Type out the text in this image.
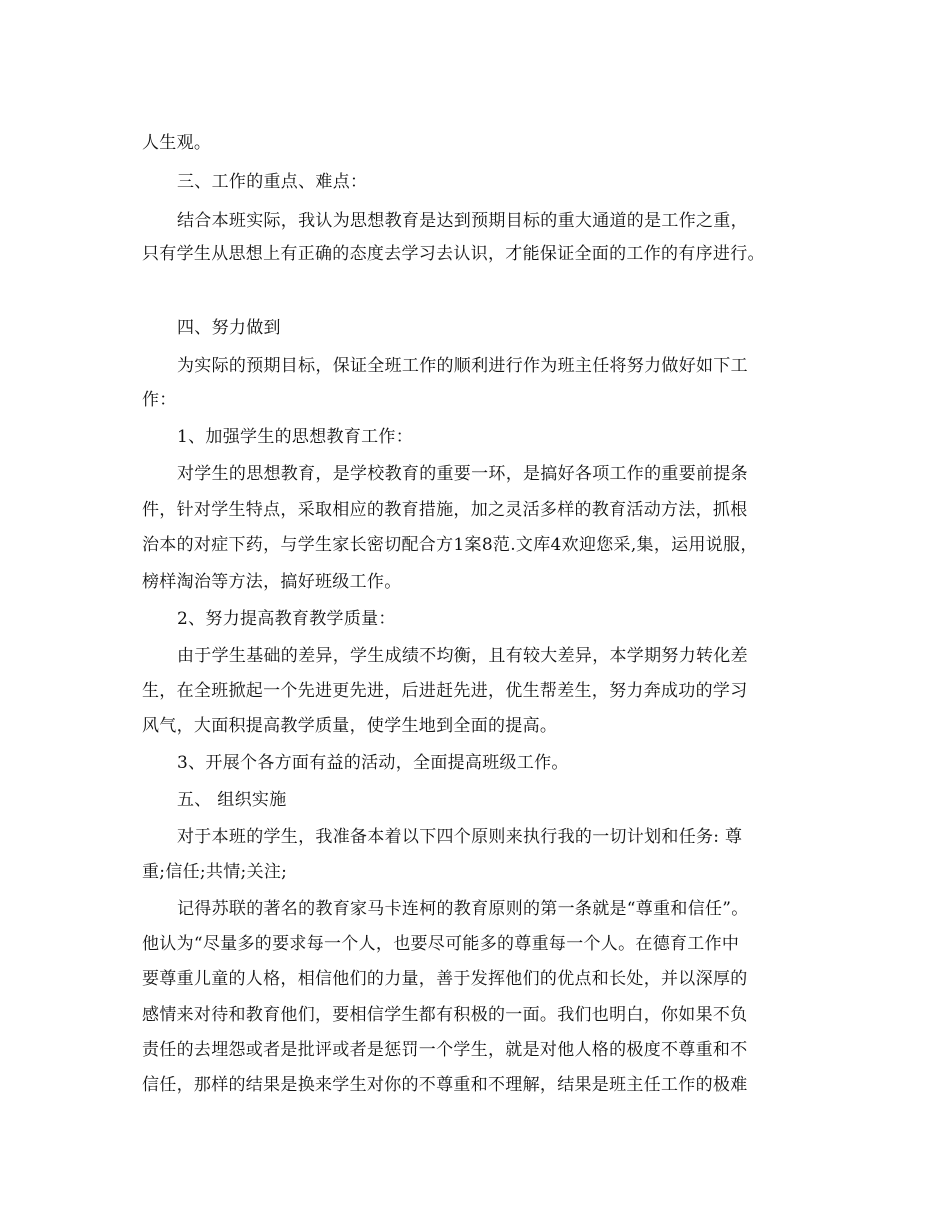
人生观。
三、工作的重点、难点：
结合本班实际，我认为思想教育是达到预期目标的重大通道的是工作之重，
只有学生从思想上有正确的态度去学习去认识，才能保证全面的工作的有序进行。
四、努力做到
为实际的预期目标，保证全班工作的顺利进行作为班主任将努力做好如下工
作：
1、加强学生的思想教育工作：
对学生的思想教育，是学校教育的重要一环，是搞好各项工作的重要前提条
件，针对学生特点，采取相应的教育措施，加之灵活多样的教育活动方法，抓根
治本的对症下药，与学生家长密切配合方1案8范.文库4欢迎您采,集，运用说服，
榜样淘治等方法，搞好班级工作。
2、努力提高教育教学质量：
由于学生基础的差异，学生成绩不均衡，且有较大差异，本学期努力转化差
生，在全班掀起一个先进更先进，后进赶先进，优生帮差生，努力奔成功的学习
风气，大面积提高教学质量，使学生地到全面的提高。
3、开展个各方面有益的活动，全面提高班级工作。
五、 组织实施
对于本班的学生，我准备本着以下四个原则来执行我的一切计划和任务: 尊
重;信任;共情;关注;
记得苏联的著名的教育家马卡连柯的教育原则的第一条就是“尊重和信任”。
他认为“尽量多的要求每一个人，也要尽可能多的尊重每一个人。在德育工作中
要尊重儿童的人格，相信他们的力量，善于发挥他们的优点和长处，并以深厚的
感情来对待和教育他们，要相信学生都有积极的一面。我们也明白，你如果不负
责任的去埋怨或者是批评或者是惩罚一个学生，就是对他人格的极度不尊重和不
信任，那样的结果是换来学生对你的不尊重和不理解，结果是班主任工作的极难
